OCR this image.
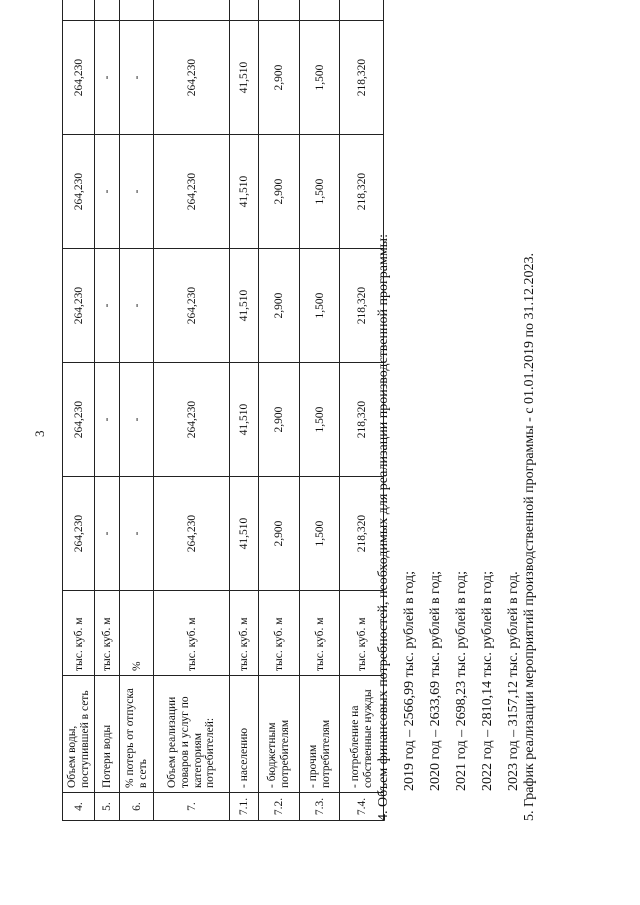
3
4.	Объем воды, поступившей в сеть	тыс. куб. м	264,230	264,230	264,230	264,230	264,230	
5.	Потери воды	тыс. куб. м	-	-	-	-	-	
6.	% потерь от отпуска в сеть	%	-	-	-	-	-	
7.	Объем реализации товаров и услуг по категориям потребителей:	тыс. куб. м	264,230	264,230	264,230	264,230	264,230	
7.1.	- населению	тыс. куб. м	41,510	41,510	41,510	41,510	41,510	
7.2.	- бюджетным потребителям	тыс. куб. м	2,900	2,900	2,900	2,900	2,900	
7.3.	- прочим потребителям	тыс. куб. м	1,500	1,500	1,500	1,500	1,500	
7.4.	- потребление на собственные нужды	тыс. куб. м	218,320	218,320	218,320	218,320	218,320	
4. Объем финансовых потребностей, необходимых для реализации производственной программы: 2019 год – 2566,99 тыс. рублей в год; 2020 год – 2633,69 тыс. рублей в год; 2021 год – 2698,23 тыс. рублей в год; 2022 год – 2810,14 тыс. рублей в год; 2023 год – 3157,12 тыс. рублей в год. 5. График реализации мероприятий производственной программы - с 01.01.2019 по 31.12.2023.
